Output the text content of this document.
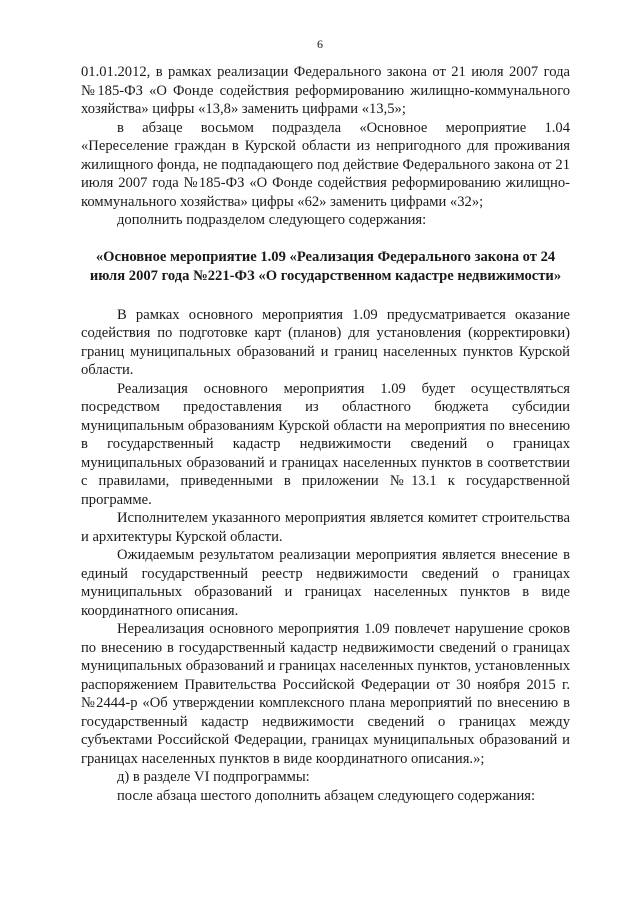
6

01.01.2012, в рамках реализации Федерального закона от 21 июля 2007 года №185-ФЗ «О Фонде содействия реформированию жилищно-коммунального хозяйства» цифры «13,8» заменить цифрами «13,5»;

в абзаце восьмом подраздела «Основное мероприятие 1.04 «Переселение граждан в Курской области из непригодного для проживания жилищного фонда, не подпадающего под действие Федерального закона от 21 июля 2007 года №185-ФЗ «О Фонде содействия реформированию жилищно-коммунального хозяйства» цифры «62» заменить цифрами «32»;

дополнить подразделом следующего содержания:

«Основное мероприятие 1.09 «Реализация Федерального закона от 24 июля 2007 года №221-ФЗ «О государственном кадастре недвижимости»

В рамках основного мероприятия 1.09 предусматривается оказание содействия по подготовке карт (планов) для установления (корректировки) границ муниципальных образований и границ населенных пунктов Курской области.

Реализация основного мероприятия 1.09 будет осуществляться посредством предоставления из областного бюджета субсидии муниципальным образованиям Курской области на мероприятия по внесению в государственный кадастр недвижимости сведений о границах муниципальных образований и границах населенных пунктов в соответствии с правилами, приведенными в приложении №13.1 к государственной программе.

Исполнителем указанного мероприятия является комитет строительства и архитектуры Курской области.

Ожидаемым результатом реализации мероприятия является внесение в единый государственный реестр недвижимости сведений о границах муниципальных образований и границах населенных пунктов в виде координатного описания.

Нереализация основного мероприятия 1.09 повлечет нарушение сроков по внесению в государственный кадастр недвижимости сведений о границах муниципальных образований и границах населенных пунктов, установленных распоряжением Правительства Российской Федерации от 30 ноября 2015 г. №2444-р «Об утверждении комплексного плана мероприятий по внесению в государственный кадастр недвижимости сведений о границах между субъектами Российской Федерации, границах муниципальных образований и границах населенных пунктов в виде координатного описания.»;

д) в разделе VI подпрограммы:

после абзаца шестого дополнить абзацем следующего содержания:
